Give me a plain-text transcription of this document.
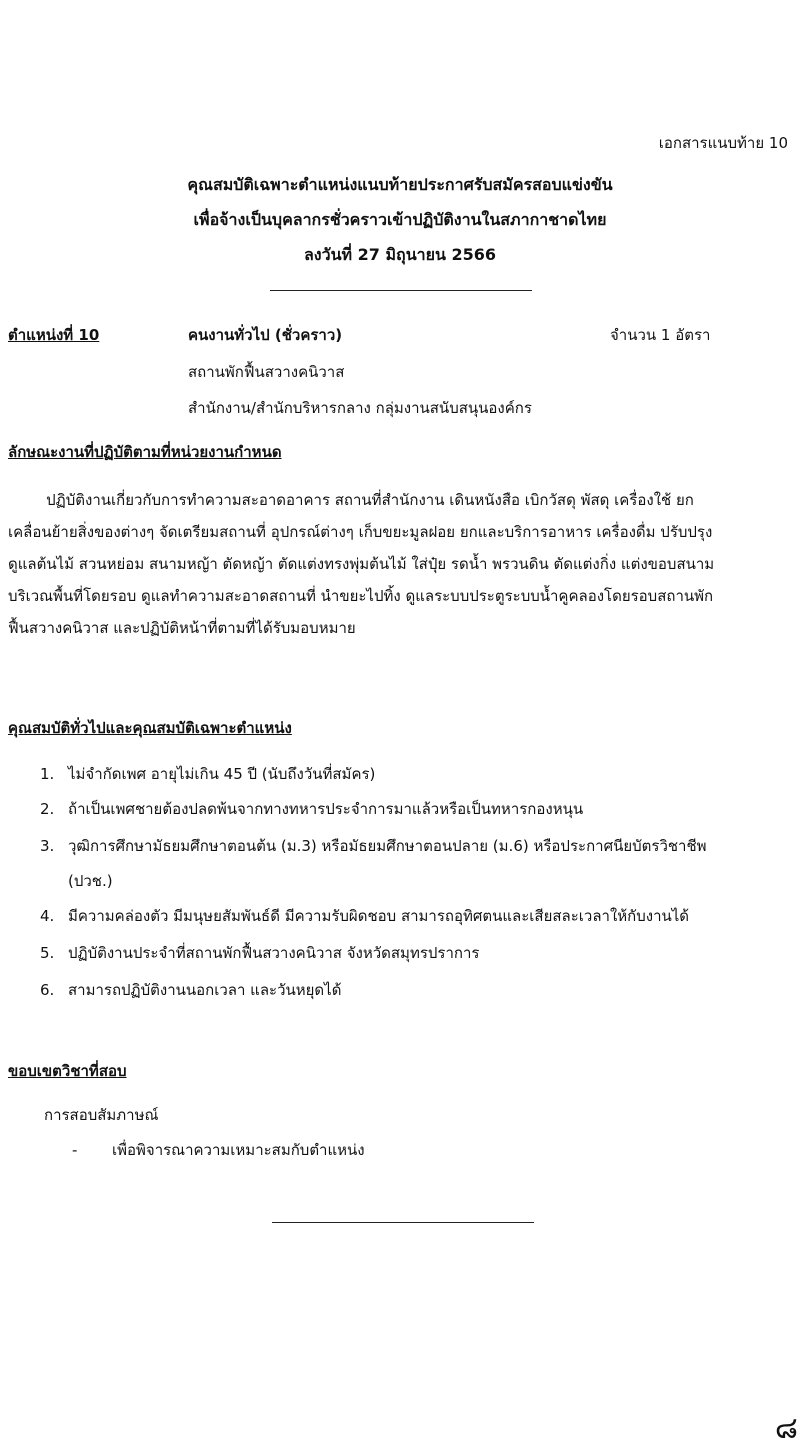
เอกสารแนบท้าย 10
คุณสมบัติเฉพาะตำแหน่งแนบท้ายประกาศรับสมัครสอบแข่งขัน
เพื่อจ้างเป็นบุคลากรชั่วคราวเข้าปฏิบัติงานในสภากาชาดไทย
ลงวันที่ 27 มิถุนายน 2566
ตำแหน่งที่ 10	คนงานทั่วไป (ชั่วคราว)	จำนวน 1 อัตรา
สถานพักฟื้นสวางคนิวาส
สำนักงาน/สำนักบริหารกลาง กลุ่มงานสนับสนุนองค์กร
ลักษณะงานที่ปฏิบัติตามที่หน่วยงานกำหนด
ปฏิบัติงานเกี่ยวกับการทำความสะอาดอาคาร สถานที่สำนักงาน เดินหนังสือ เบิกวัสดุ พัสดุ เครื่องใช้ ยก
เคลื่อนย้ายสิ่งของต่างๆ จัดเตรียมสถานที่ อุปกรณ์ต่างๆ เก็บขยะมูลฝอย ยกและบริการอาหาร เครื่องดื่ม ปรับปรุง
ดูแลต้นไม้ สวนหย่อม สนามหญ้า ตัดหญ้า ตัดแต่งทรงพุ่มต้นไม้ ใส่ปุ๋ย รดน้ำ พรวนดิน ตัดแต่งกิ่ง แต่งขอบสนาม
บริเวณพื้นที่โดยรอบ ดูแลทำความสะอาดสถานที่ นำขยะไปทิ้ง ดูแลระบบประตูระบบน้ำคูคลองโดยรอบสถานพัก
ฟื้นสวางคนิวาส และปฏิบัติหน้าที่ตามที่ได้รับมอบหมาย
คุณสมบัติทั่วไปและคุณสมบัติเฉพาะตำแหน่ง
1. ไม่จำกัดเพศ อายุไม่เกิน 45 ปี (นับถึงวันที่สมัคร)
2. ถ้าเป็นเพศชายต้องปลดพ้นจากทางทหารประจำการมาแล้วหรือเป็นทหารกองหนุน
3. วุฒิการศึกษามัธยมศึกษาตอนต้น (ม.3) หรือมัธยมศึกษาตอนปลาย (ม.6) หรือประกาศนียบัตรวิชาชีพ
(ปวช.)
4. มีความคล่องตัว มีมนุษยสัมพันธ์ดี มีความรับผิดชอบ สามารถอุทิศตนและเสียสละเวลาให้กับงานได้
5. ปฏิบัติงานประจำที่สถานพักฟื้นสวางคนิวาส จังหวัดสมุทรปราการ
6. สามารถปฏิบัติงานนอกเวลา และวันหยุดได้
ขอบเขตวิชาที่สอบ
การสอบสัมภาษณ์
- เพื่อพิจารณาความเหมาะสมกับตำแหน่ง
๘
